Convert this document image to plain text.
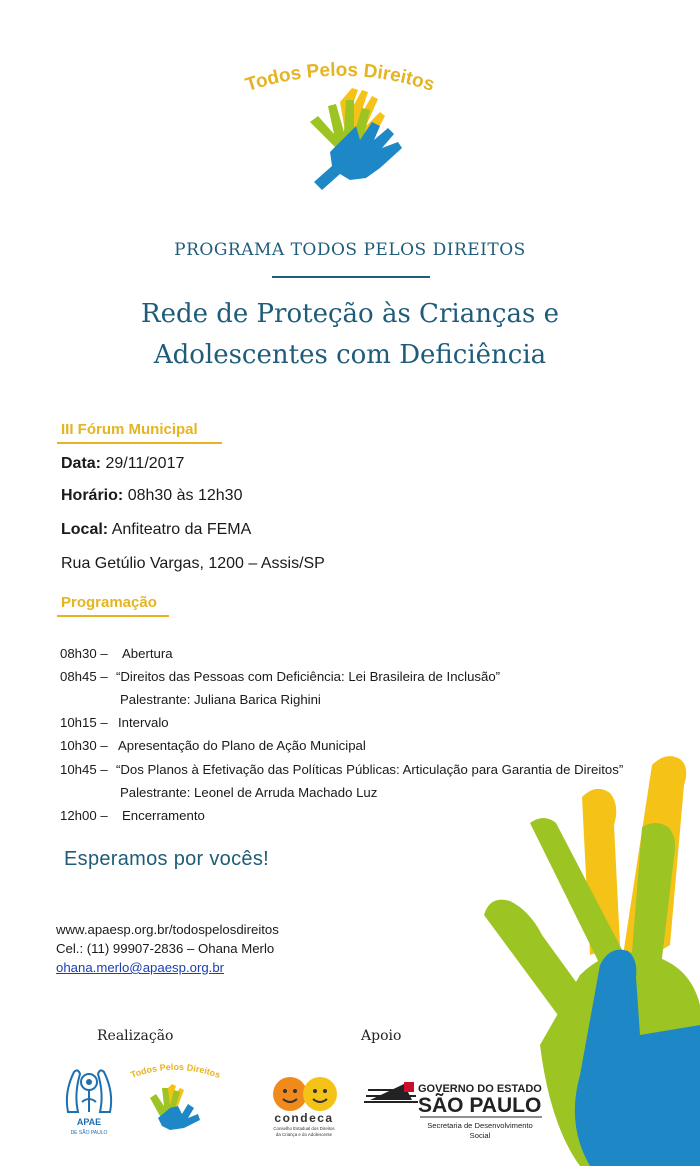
Todos Pelos Direitos
PROGRAMA TODOS PELOS DIREITOS
Rede de Proteção às Crianças e
Adolescentes com Deficiência
III Fórum Municipal
Data: 29/11/2017
Horário: 08h30 às 12h30
Local: Anfiteatro da FEMA
Rua Getúlio Vargas, 1200 – Assis/SP
Programação
08h30 – Abertura
08h45 – “Direitos das Pessoas com Deficiência: Lei Brasileira de Inclusão”
Palestrante: Juliana Barica Righini
10h15 – Intervalo
10h30 – Apresentação do Plano de Ação Municipal
10h45 – “Dos Planos à Efetivação das Políticas Públicas: Articulação para Garantia de Direitos”
Palestrante: Leonel de Arruda Machado Luz
12h00 – Encerramento
Esperamos por vocês!
www.apaesp.org.br/todospelosdireitos
Cel.: (11) 99907-2836 – Ohana Merlo
ohana.merlo@apaesp.org.br
Realização	Apoio
APAE
DE SÃO PAULO
Todos Pelos Direitos
condeca
Conselho Estadual dos Direitos
da Criança e do Adolescente
GOVERNO DO ESTADO
SÃO PAULO
Secretaria de Desenvolvimento
Social
